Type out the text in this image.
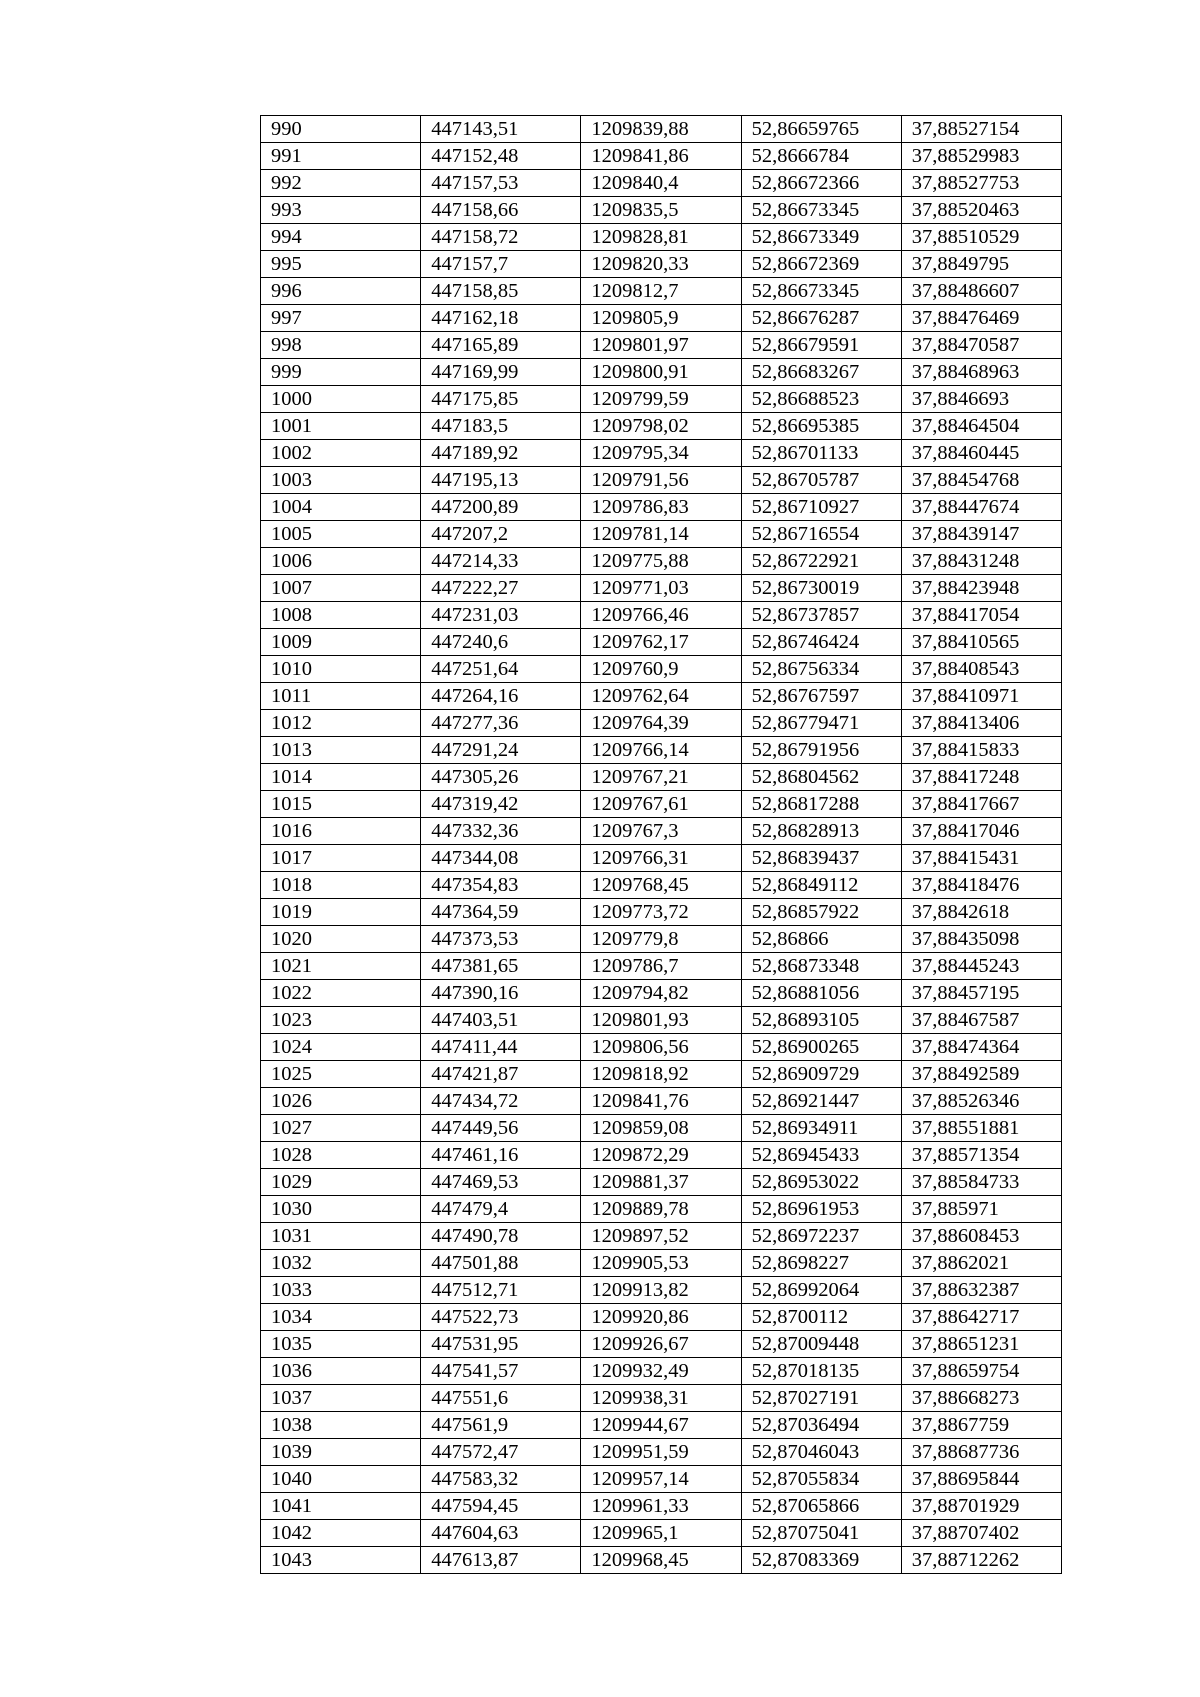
990	447143,51	1209839,88	52,86659765	37,88527154
991	447152,48	1209841,86	52,8666784	37,88529983
992	447157,53	1209840,4	52,86672366	37,88527753
993	447158,66	1209835,5	52,86673345	37,88520463
994	447158,72	1209828,81	52,86673349	37,88510529
995	447157,7	1209820,33	52,86672369	37,8849795
996	447158,85	1209812,7	52,86673345	37,88486607
997	447162,18	1209805,9	52,86676287	37,88476469
998	447165,89	1209801,97	52,86679591	37,88470587
999	447169,99	1209800,91	52,86683267	37,88468963
1000	447175,85	1209799,59	52,86688523	37,8846693
1001	447183,5	1209798,02	52,86695385	37,88464504
1002	447189,92	1209795,34	52,86701133	37,88460445
1003	447195,13	1209791,56	52,86705787	37,88454768
1004	447200,89	1209786,83	52,86710927	37,88447674
1005	447207,2	1209781,14	52,86716554	37,88439147
1006	447214,33	1209775,88	52,86722921	37,88431248
1007	447222,27	1209771,03	52,86730019	37,88423948
1008	447231,03	1209766,46	52,86737857	37,88417054
1009	447240,6	1209762,17	52,86746424	37,88410565
1010	447251,64	1209760,9	52,86756334	37,88408543
1011	447264,16	1209762,64	52,86767597	37,88410971
1012	447277,36	1209764,39	52,86779471	37,88413406
1013	447291,24	1209766,14	52,86791956	37,88415833
1014	447305,26	1209767,21	52,86804562	37,88417248
1015	447319,42	1209767,61	52,86817288	37,88417667
1016	447332,36	1209767,3	52,86828913	37,88417046
1017	447344,08	1209766,31	52,86839437	37,88415431
1018	447354,83	1209768,45	52,86849112	37,88418476
1019	447364,59	1209773,72	52,86857922	37,8842618
1020	447373,53	1209779,8	52,86866	37,88435098
1021	447381,65	1209786,7	52,86873348	37,88445243
1022	447390,16	1209794,82	52,86881056	37,88457195
1023	447403,51	1209801,93	52,86893105	37,88467587
1024	447411,44	1209806,56	52,86900265	37,88474364
1025	447421,87	1209818,92	52,86909729	37,88492589
1026	447434,72	1209841,76	52,86921447	37,88526346
1027	447449,56	1209859,08	52,86934911	37,88551881
1028	447461,16	1209872,29	52,86945433	37,88571354
1029	447469,53	1209881,37	52,86953022	37,88584733
1030	447479,4	1209889,78	52,86961953	37,885971
1031	447490,78	1209897,52	52,86972237	37,88608453
1032	447501,88	1209905,53	52,8698227	37,8862021
1033	447512,71	1209913,82	52,86992064	37,88632387
1034	447522,73	1209920,86	52,8700112	37,88642717
1035	447531,95	1209926,67	52,87009448	37,88651231
1036	447541,57	1209932,49	52,87018135	37,88659754
1037	447551,6	1209938,31	52,87027191	37,88668273
1038	447561,9	1209944,67	52,87036494	37,8867759
1039	447572,47	1209951,59	52,87046043	37,88687736
1040	447583,32	1209957,14	52,87055834	37,88695844
1041	447594,45	1209961,33	52,87065866	37,88701929
1042	447604,63	1209965,1	52,87075041	37,88707402
1043	447613,87	1209968,45	52,87083369	37,88712262
